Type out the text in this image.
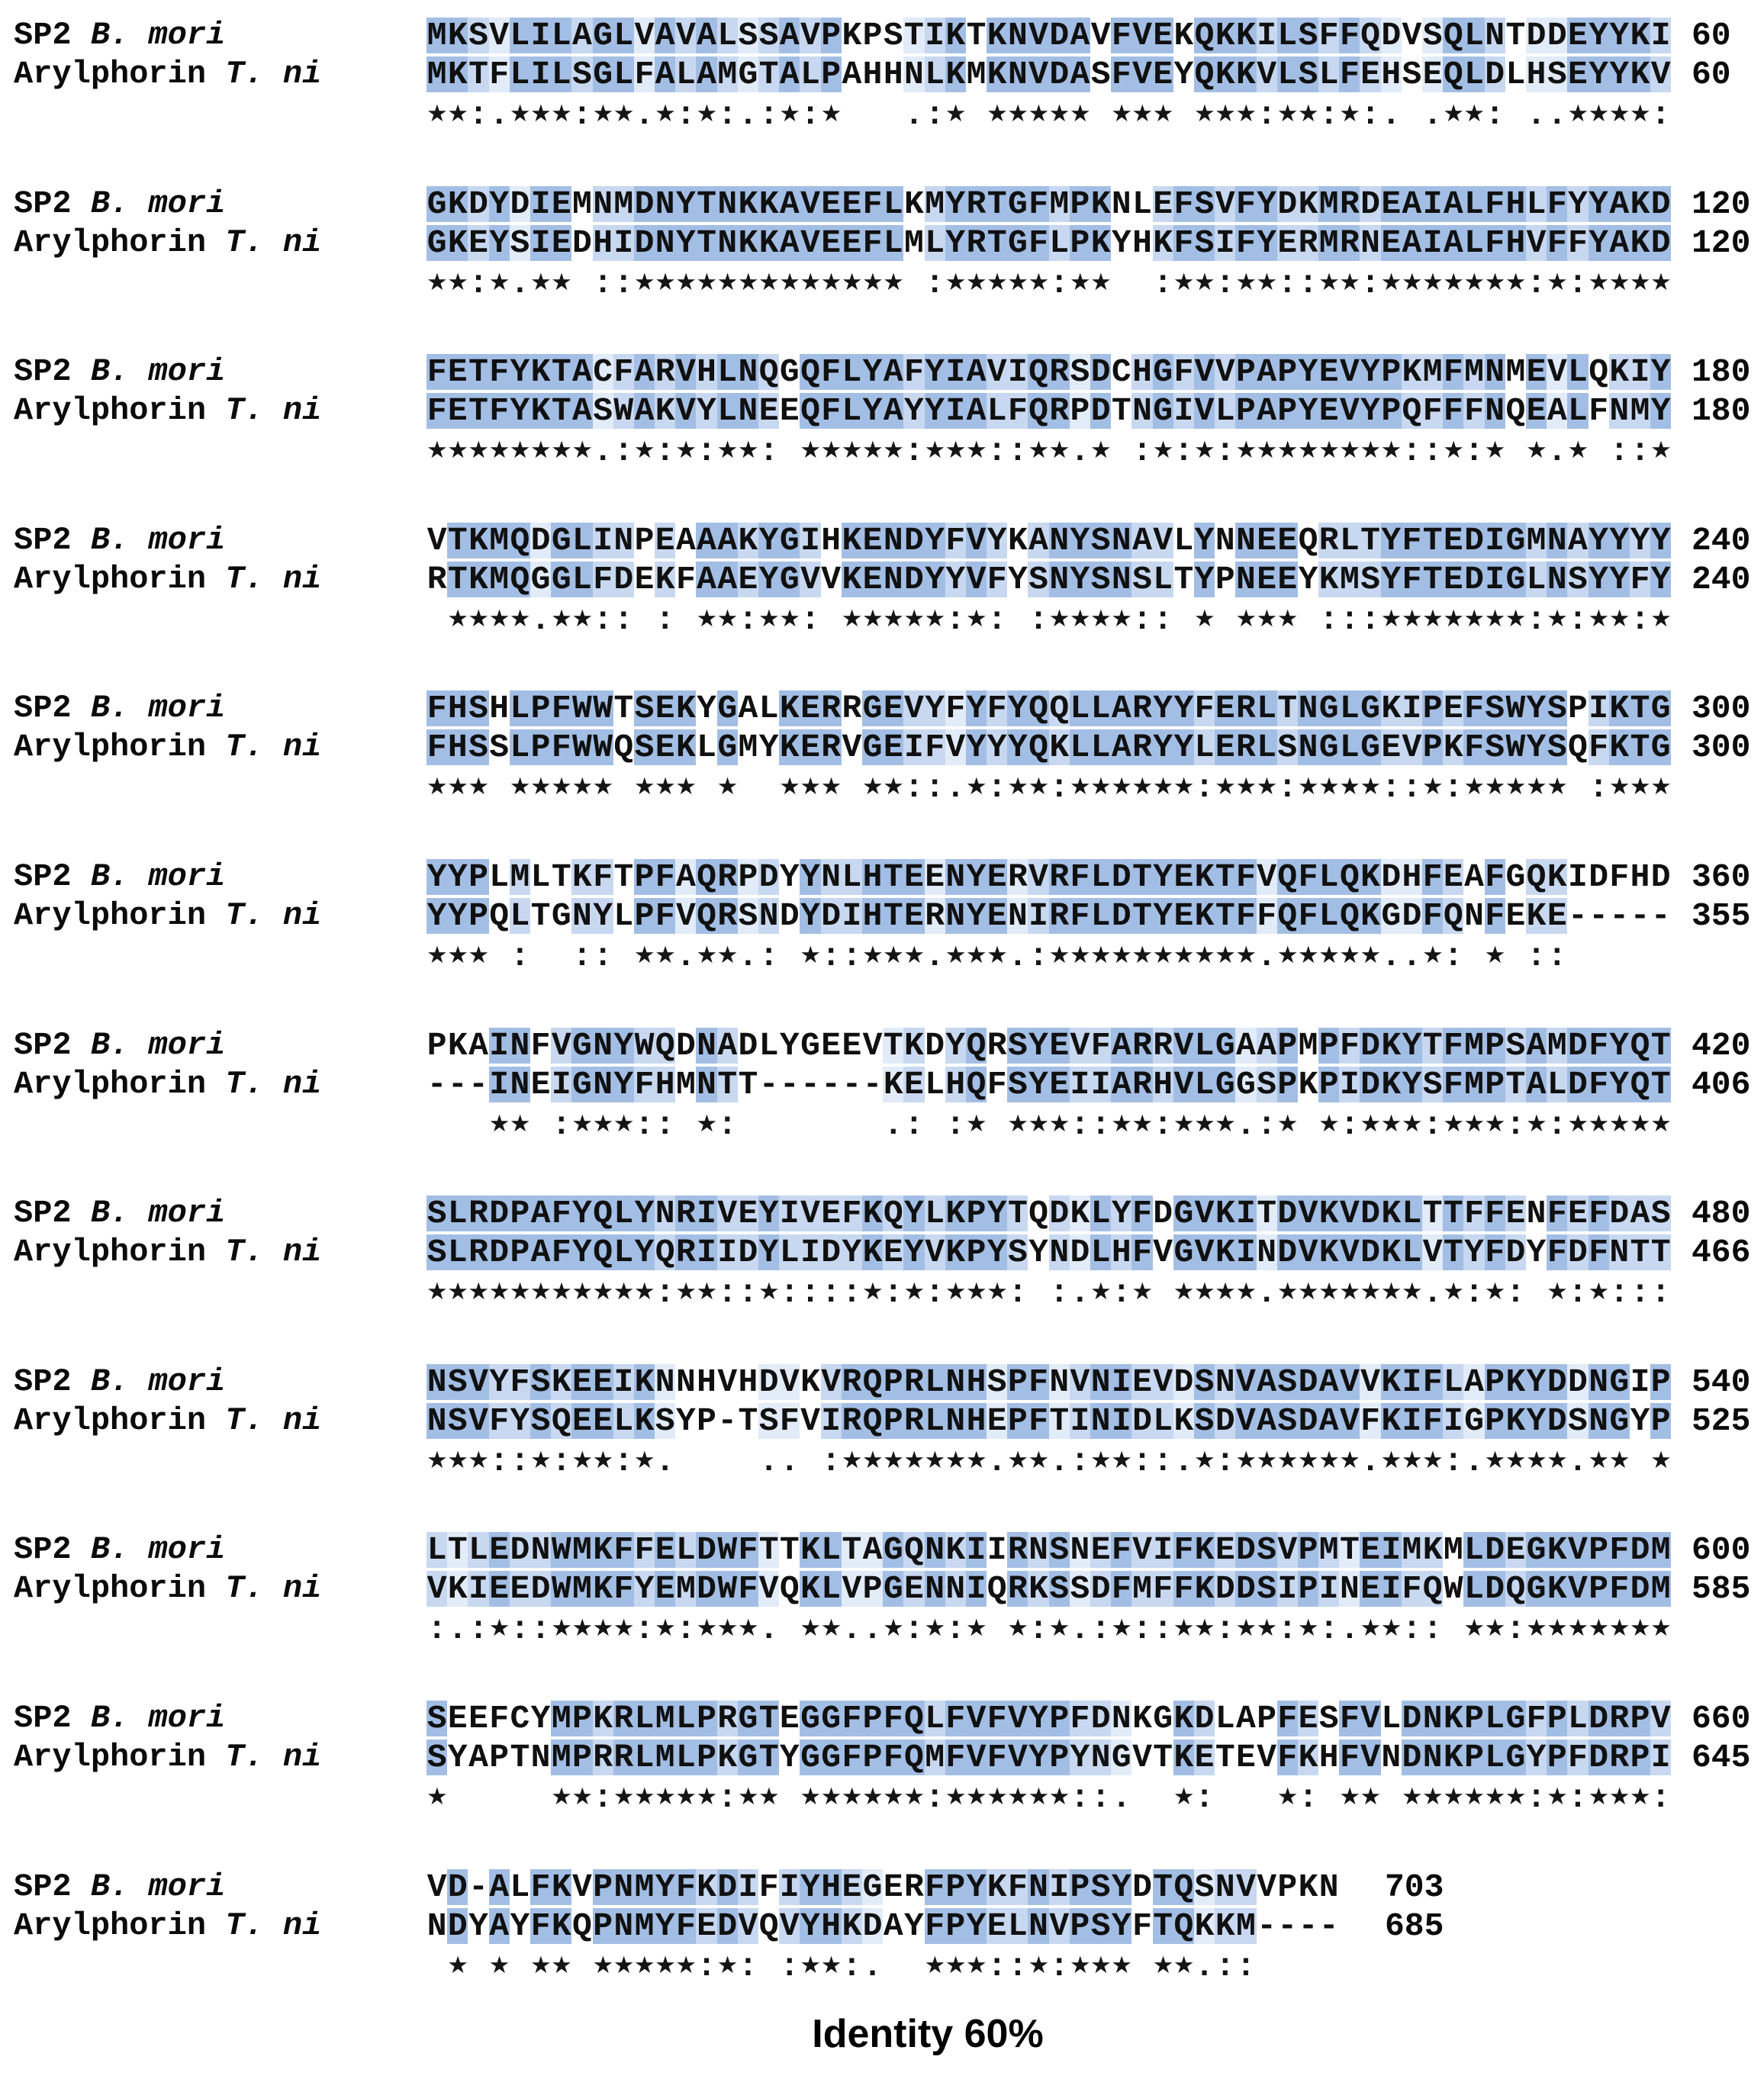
SP2 B. mori	MKSVLILAGLVAVALSSAVPKPSTIKTKNVDAVFVEKQKKILSFFQDVSQLNTDDEYYKI 60
Arylphorin T. ni	MKTFLILSGLFALAMGTALPAHHNLKMKNVDASFVEYQKKVLSLFEHSEQLDLHSEYYKV 60
★★:.★★★:★★.★:★:.:★:★ .:★ ★★★★★ ★★★ ★★★:★★:★:. .★★: ..★★★★:
SP2 B. mori	GKDYDIEMNMDNYTNKKAVEEFLKMYRTGFMPKNLEFSVFYDKMRDEAIALFHLFYYAKD 120
Arylphorin T. ni	GKEYSIEDHIDNYTNKKAVEEFLMLYRTGFLPKYHKFSIFYERMRNEAIALFHVFFYAKD 120
★★:★.★★ ::★★★★★★★★★★★★★ :★★★★★:★★ :★★:★★::★★:★★★★★★★:★:★★★★
SP2 B. mori	FETFYKTACFARVHLNQGQFLYAFYIAVIQRSDCHGFVVPAPYEVYPKMFMNMEVLQKIY 180
Arylphorin T. ni	FETFYKTASWAKVYLNEEQFLYAYYIALFQRPDTNGIVLPAPYEVYPQFFFNQEALFNMY 180
★★★★★★★★.:★:★:★★: ★★★★★:★★★::★★.★ :★:★:★★★★★★★★::★:★ ★.★ ::★
SP2 B. mori	VTKMQDGLINPEAAAKYGIHKENDYFVYKANYSNAVLYNNEEQRLTYFTEDIGMNAYYYY 240
Arylphorin T. ni	RTKMQGGLFDEKFAAEYGVVKENDYYVFYSNYSNSLTYPNEEYKMSYFTEDIGLNSYYFY 240
★★★★.★★:: : ★★:★★: ★★★★★:★: :★★★★:: ★ ★★★ :::★★★★★★★:★:★★:★
SP2 B. mori	FHSHLPFWWTSEKYGALKERRGEVYFYFYQQLLARYYFERLTNGLGKIPEFSWYSPIKTG 300
Arylphorin T. ni	FHSSLPFWWQSEKLGMYKERVGEIFVYYYQKLLARYYLERLSNGLGEVPKFSWYSQFKTG 300
★★★ ★★★★★ ★★★ ★ ★★★ ★★::.★:★★:★★★★★★:★★★:★★★★::★:★★★★★ :★★★
SP2 B. mori	YYPLMLTKFTPFAQRPDYYNLHTEENYERVRFLDTYEKTFVQFLQKDHFEAFGQKIDFHD 360
Arylphorin T. ni	YYPQLTGNYLPFVQRSNDYDIHTERNYENIRFLDTYEKTFFQFLQKGDFQNFEKE----- 355
★★★ : :: ★★.★★.: ★::★★★.★★★.:★★★★★★★★★★.★★★★★..★: ★ ::
SP2 B. mori	PKAINFVGNYWQDNADLYGEEVTKDYQRSYEVFARRVLGAAPMPFDKYTFMPSAMDFYQT 420
Arylphorin T. ni	---INEIGNYFHMNTT------KELHQFSYEIIARHVLGGSPKPIDKYSFMPTALDFYQT 406
★★ :★★★:: ★:	.: :★ ★★★::★★:★★★.:★ ★:★★★:★★★:★:★★★★★
SP2 B. mori	SLRDPAFYQLYNRIVEYIVEFKQYLKPYTQDKLYFDGVKITDVKVDKLTTFFENFEFDAS 480
Arylphorin T. ni	SLRDPAFYQLYQRIIDYLIDYKEYVKPYSYNDLHFVGVKINDVKVDKLVTYFDYFDFNTT 466
★★★★★★★★★★★:★★::★::::★:★:★★★: :.★:★ ★★★★.★★★★★★★.★:★: ★:★:::
SP2 B. mori	NSVYFSKEEIKNNHVHDVKVRQPRLNHSPFNVNIEVDSNVASDAVVKIFLAPKYDDNGIP 540
Arylphorin T. ni	NSVFYSQEELKSYP-TSFVIRQPRLNHEPFTINIDLKSDVASDAVFKIFIGPKYDSNGYP 525
★★★::★:★★:★.	.. :★★★★★★★.★★.:★★::.★:★★★★★★.★★★:.★★★★.★★ ★
SP2 B. mori	LTLEDNWMKFFELDWFTTKLTAGQNKIIRNSNEFVIFKEDSVPMTEIMKMLDEGKVPFDM 600
Arylphorin T. ni	VKIEEDWMKFYEMDWFVQKLVPGENNIQRKSSDFMFFKDDSIPINEIFQWLDQGKVPFDM 585
:.:★::★★★★:★:★★★. ★★..★:★:★ ★:★.:★::★★:★★:★:.★★:: ★★:★★★★★★★
SP2 B. mori	SEEFCYMPKRLMLPRGTEGGFPFQLFVFVYPFDNKGKDLAPFESFVLDNKPLGFPLDRPV 660
Arylphorin T. ni	SYAPTNMPRRLMLPKGTYGGFPFQMFVFVYPYNGVTKETEVFKHFVNDNKPLGYPFDRPI 645
★	★★:★★★★★:★★ ★★★★★★:★★★★★★::. ★:	★: ★★ ★★★★★★:★:★★★:
SP2 B. mori	VD-ALFKVPNMYFKDIFIYHEGERFPYKFNIPSYDTQSNVVPKN 703
Arylphorin T. ni	NDYAYFKQPNMYFEDVQVYHKDAYFPYELNVPSYFTQKKM---- 685
★ ★ ★★ ★★★★★:★: :★★:. ★★★::★:★★★ ★★.::
Identity 60%
